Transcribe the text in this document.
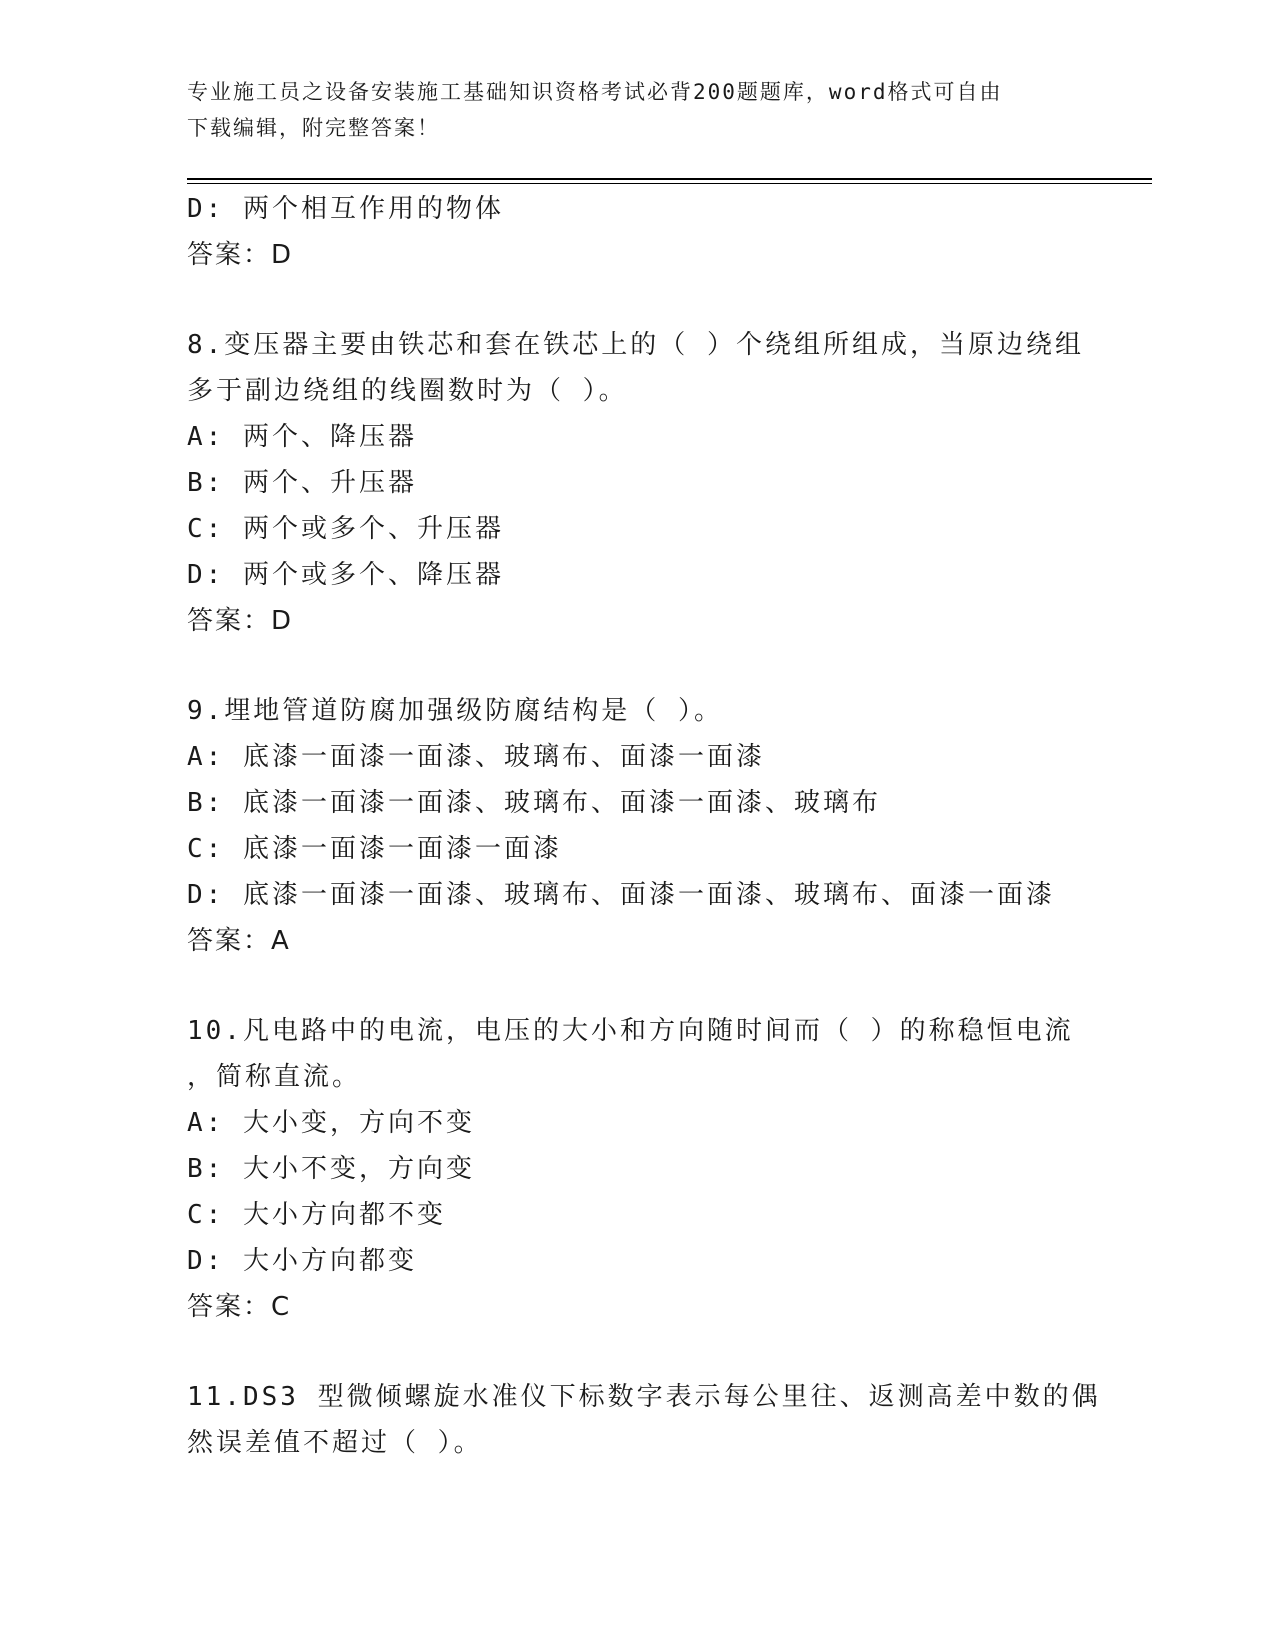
专业施工员之设备安装施工基础知识资格考试必背200题题库，word格式可自由
下载编辑，附完整答案！
D: 两个相互作用的物体
答案：D
8.变压器主要由铁芯和套在铁芯上的（ ）个绕组所组成，当原边绕组
多于副边绕组的线圈数时为（ ）。
A: 两个、降压器
B: 两个、升压器
C: 两个或多个、升压器
D: 两个或多个、降压器
答案：D
9.埋地管道防腐加强级防腐结构是（ ）。
A: 底漆一面漆一面漆、玻璃布、面漆一面漆
B: 底漆一面漆一面漆、玻璃布、面漆一面漆、玻璃布
C: 底漆一面漆一面漆一面漆
D: 底漆一面漆一面漆、玻璃布、面漆一面漆、玻璃布、面漆一面漆
答案：A
10.凡电路中的电流，电压的大小和方向随时间而（ ）的称稳恒电流
，简称直流。
A: 大小变，方向不变
B: 大小不变，方向变
C: 大小方向都不变
D: 大小方向都变
答案：C
11.DS3 型微倾螺旋水准仪下标数字表示每公里往、返测高差中数的偶
然误差值不超过（ ）。
